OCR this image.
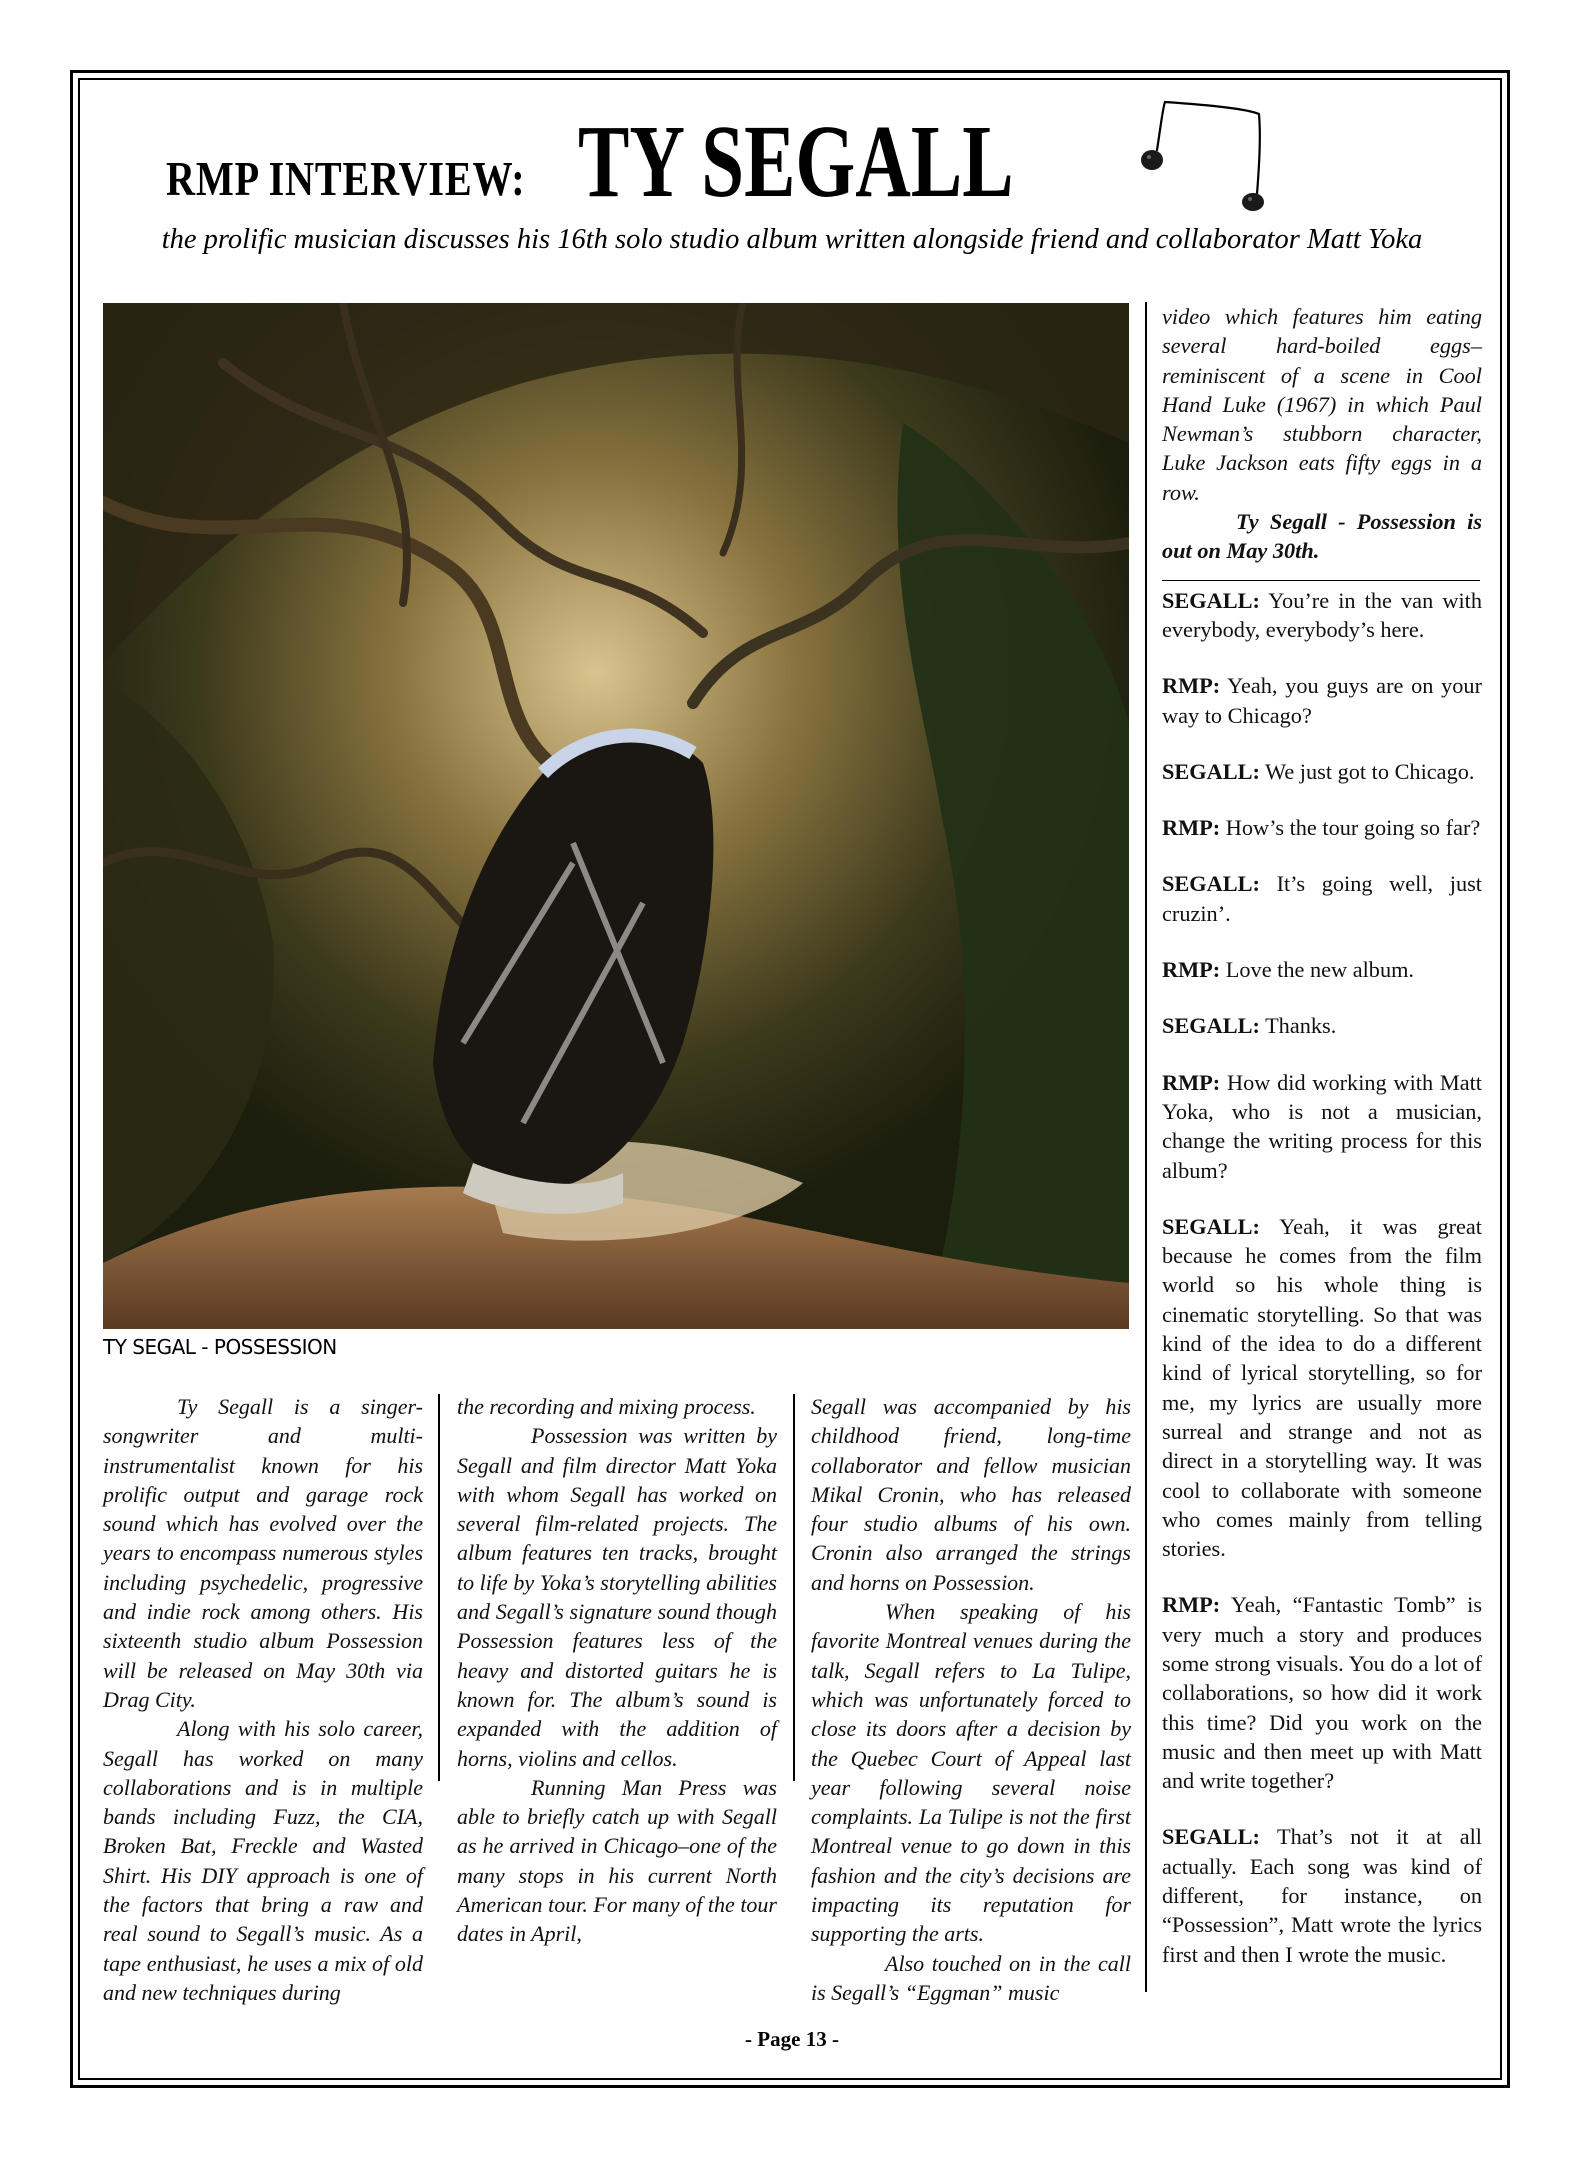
RMP INTERVIEW: TY SEGALL
the prolific musician discusses his 16th solo studio album written alongside friend and collaborator Matt Yoka
TY SEGAL - POSSESSION

Ty Segall is a singer-songwriter and multi-instrumentalist known for his prolific output and garage rock sound which has evolved over the years to encompass numerous styles including psychedelic, progressive and indie rock among others. His sixteenth studio album Possession will be released on May 30th via Drag City.

Along with his solo career, Segall has worked on many collaborations and is in multiple bands including Fuzz, the CIA, Broken Bat, Freckle and Wasted Shirt. His DIY approach is one of the factors that bring a raw and real sound to Segall’s music. As a tape enthusiast, he uses a mix of old and new techniques during

the recording and mixing process.

Possession was written by Segall and film director Matt Yoka with whom Segall has worked on several film-related projects. The album features ten tracks, brought to life by Yoka’s storytelling abilities and Segall’s signature sound though Possession features less of the heavy and distorted guitars he is known for. The album’s sound is expanded with the addition of horns, violins and cellos.

Running Man Press was able to briefly catch up with Segall as he arrived in Chicago–one of the many stops in his current North American tour. For many of the tour dates in April,

Segall was accompanied by his childhood friend, long-time collaborator and fellow musician Mikal Cronin, who has released four studio albums of his own. Cronin also arranged the strings and horns on Possession.

When speaking of his favorite Montreal venues during the talk, Segall refers to La Tulipe, which was unfortunately forced to close its doors after a decision by the Quebec Court of Appeal last year following several noise complaints. La Tulipe is not the first Montreal venue to go down in this fashion and the city’s decisions are impacting its reputation for supporting the arts.

Also touched on in the call is Segall’s “Eggman” music

video which features him eating several hard-boiled eggs–reminiscent of a scene in Cool Hand Luke (1967) in which Paul Newman’s stubborn character, Luke Jackson eats fifty eggs in a row.

Ty Segall - Possession is out on May 30th.

SEGALL: You’re in the van with everybody, everybody’s here.

RMP: Yeah, you guys are on your way to Chicago?

SEGALL: We just got to Chicago.

RMP: How’s the tour going so far?

SEGALL: It’s going well, just cruzin’.

RMP: Love the new album.

SEGALL: Thanks.

RMP: How did working with Matt Yoka, who is not a musician, change the writing process for this album?

SEGALL: Yeah, it was great because he comes from the film world so his whole thing is cinematic storytelling. So that was kind of the idea to do a different kind of lyrical storytelling, so for me, my lyrics are usually more surreal and strange and not as direct in a storytelling way. It was cool to collaborate with someone who comes mainly from telling stories.

RMP: Yeah, “Fantastic Tomb” is very much a story and produces some strong visuals. You do a lot of collaborations, so how did it work this time? Did you work on the music and then meet up with Matt and write together?

SEGALL: That’s not it at all actually. Each song was kind of different, for instance, on “Possession”, Matt wrote the lyrics first and then I wrote the music.

- Page 13 -
